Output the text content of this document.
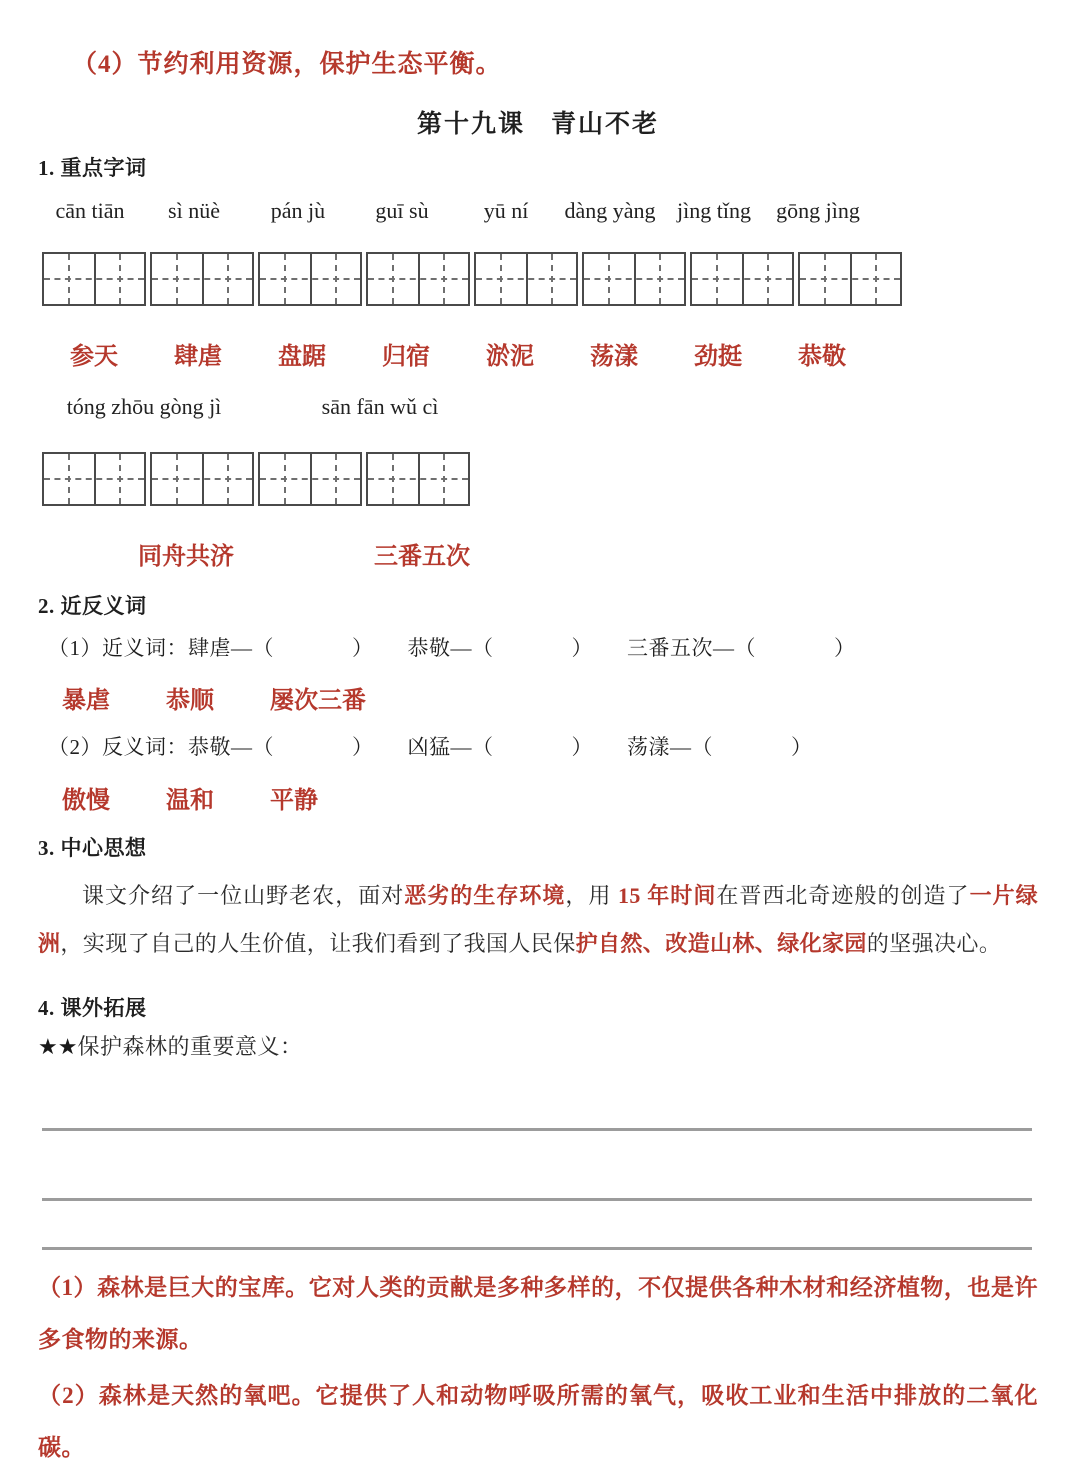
（4）节约利用资源，保护生态平衡。
第十九课 青山不老
1. 重点字词
cān tiān sì nüè pán jù guī sù	yū ní dàng yàng jìng tǐng gōng jìng
参天 肆虐 盘踞 归宿 淤泥 荡漾 劲挺 恭敬
tóng zhōu gòng jì	sān fān wǔ cì
同舟共济	三番五次
2. 近反义词
（1）近义词：肆虐—（	） 恭敬—（	） 三番五次—（	）
暴虐 恭顺 屡次三番
（2）反义词：恭敬—（	） 凶猛—（	） 荡漾—（	）
傲慢 温和 平静
3. 中心思想
课文介绍了一位山野老农，面对恶劣的生存环境，用 15 年时间在晋西北奇迹般的创造了一片绿洲，实现了自己的人生价值，让我们看到了我国人民保护自然、改造山林、绿化家园的坚强决心。
4. 课外拓展
★★保护森林的重要意义：
（1）森林是巨大的宝库。它对人类的贡献是多种多样的，不仅提供各种木材和经济植物，也是许多食物的来源。
（2）森林是天然的氧吧。它提供了人和动物呼吸所需的氧气，吸收工业和生活中排放的二氧化碳。
